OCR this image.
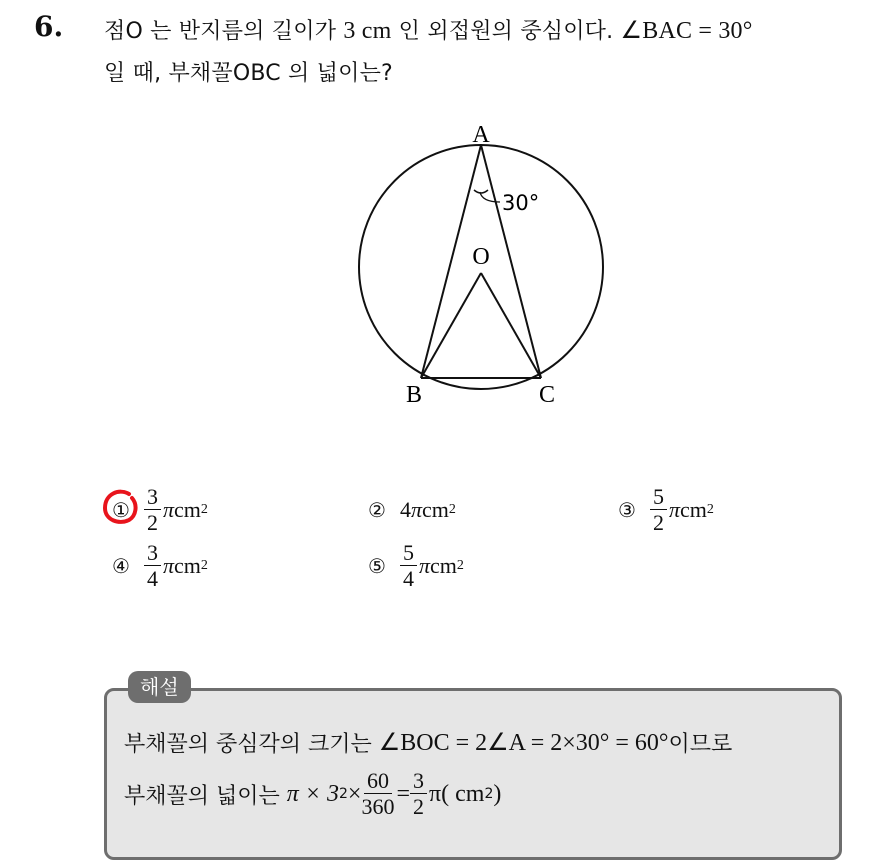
6. 점O 는 반지름의 길이가 3 cm 인 외접원의 중심이다. ∠BAC = 30°
일 때, 부채꼴OBC 의 넓이는?
A
O
B	C
30°
① $\frac{3}{2}$ π cm 2	② 4 π cm 2	③ $\frac{5}{2}$ π cm 2
④ $\frac{3}{4}$ π cm 2	⑤ $\frac{5}{4}$ π cm 2
해설
부채꼴의 중심각의 크기는
∠BOC = 2∠A = 2×30° = 60° 이므로
부채꼴의 넓이는
π × 3 $2 \times \frac{60}{360} = \frac{3}{2} \pi$( cm 2 )
